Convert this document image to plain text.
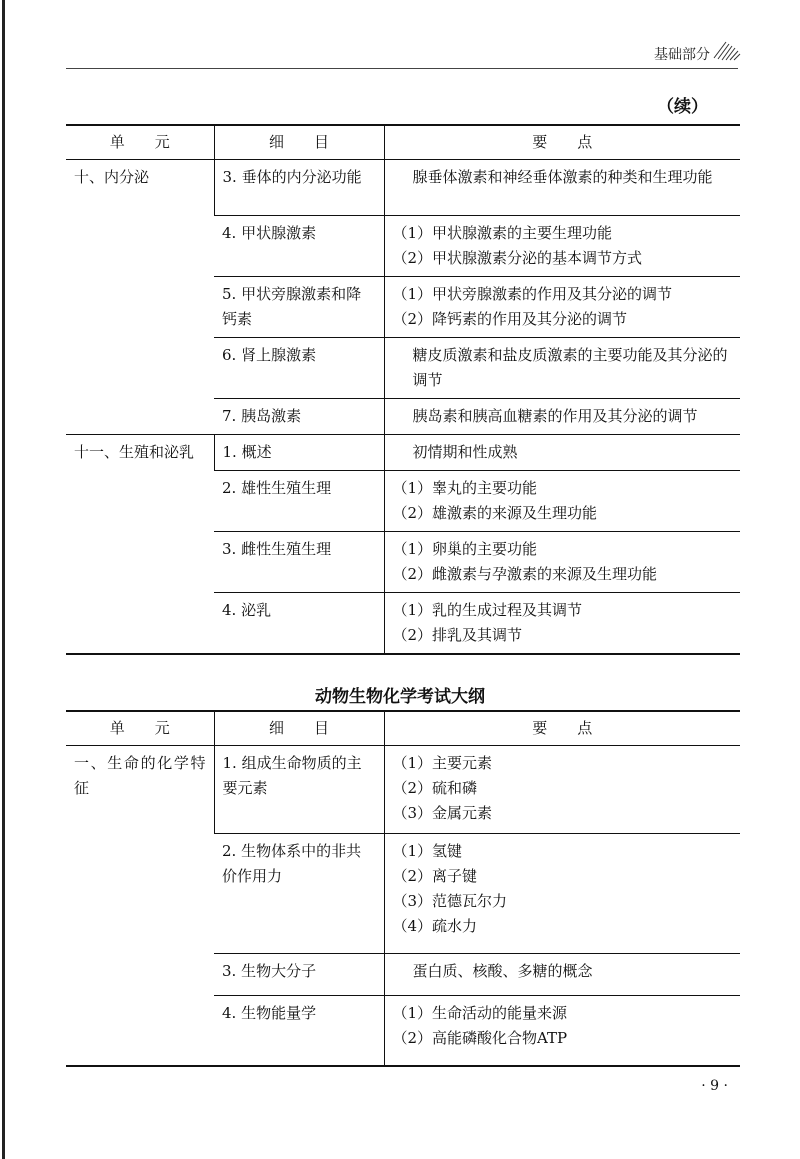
基础部分
（续）
单　　元	细　　目	要　　点
十、内分泌	3. 垂体的内分泌功能	腺垂体激素和神经垂体激素的种类和生理功能

	4. 甲状腺激素	（1）甲状腺激素的主要生理功能
（2）甲状腺激素分泌的基本调节方式

	5. 甲状旁腺激素和降钙素	（1）甲状旁腺激素的作用及其分泌的调节
（2）降钙素的作用及其分泌的调节

	6. 肾上腺激素	糖皮质激素和盐皮质激素的主要功能及其分泌的调节

	7. 胰岛激素	胰岛素和胰高血糖素的作用及其分泌的调节

十一、生殖和泌乳	1. 概述	初情期和性成熟

	2. 雄性生殖生理	（1）睾丸的主要功能
（2）雄激素的来源及生理功能

	3. 雌性生殖生理	（1）卵巢的主要功能
（2）雌激素与孕激素的来源及生理功能

	4. 泌乳	（1）乳的生成过程及其调节
（2）排乳及其调节
动物生物化学考试大纲
单　　元	细　　目	要　　点
一、生命的化学特征	1. 组成生命物质的主要元素	（1）主要元素
（2）硫和磷
（3）金属元素

	2. 生物体系中的非共价作用力	（1）氢键
（2）离子键
（3）范德瓦尔力
（4）疏水力

	3. 生物大分子	蛋白质、核酸、多糖的概念

	4. 生物能量学	（1）生命活动的能量来源
（2）高能磷酸化合物ATP
· 9 ·
